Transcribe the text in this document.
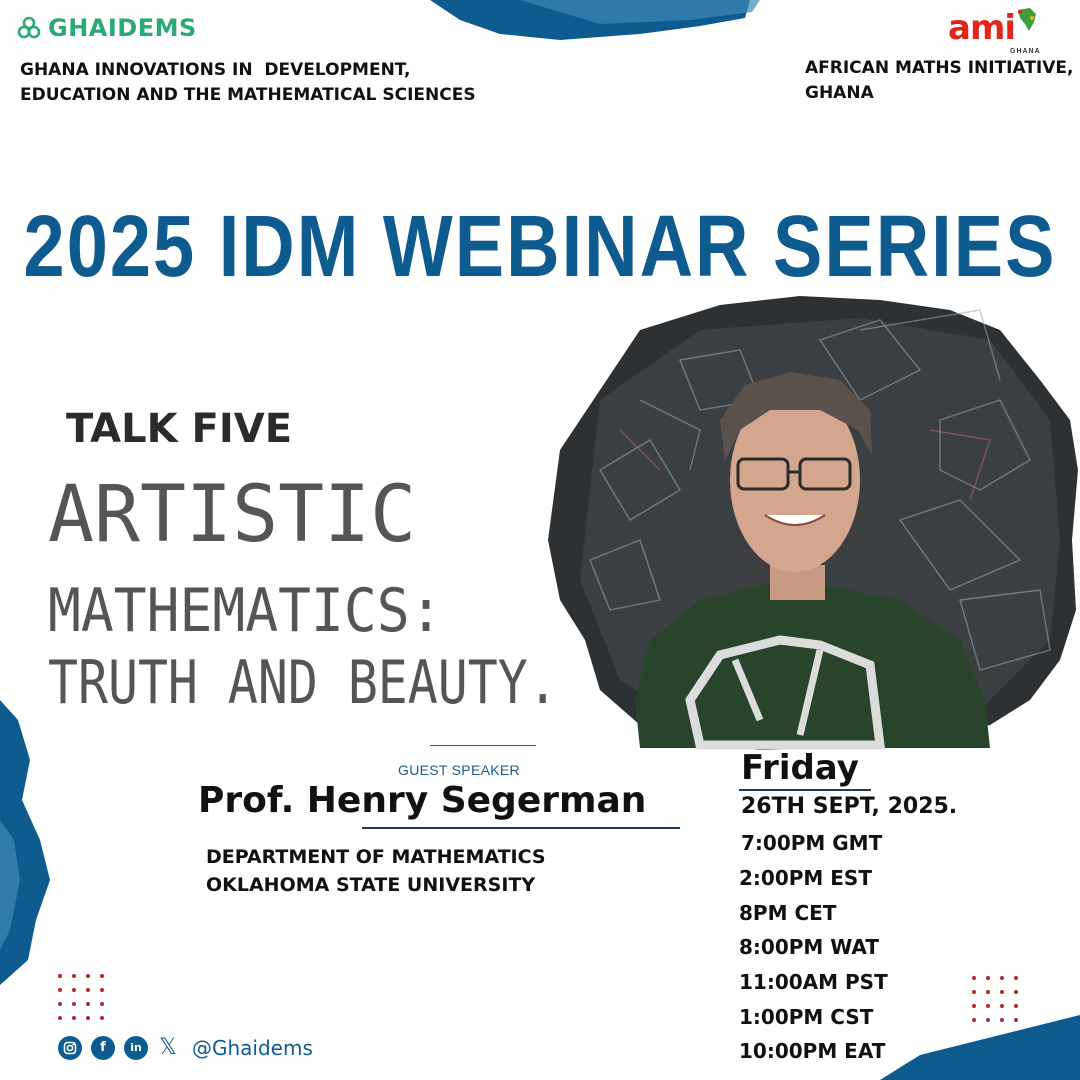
GHAIDEMS
GHANA INNOVATIONS IN  DEVELOPMENT,
EDUCATION AND THE MATHEMATICAL SCIENCES
ami
GHANA
AFRICAN MATHS INITIATIVE,
GHANA
2025 IDM WEBINAR SERIES
TALK FIVE
ARTISTIC
MATHEMATICS:
TRUTH AND BEAUTY.
GUEST SPEAKER
Prof. Henry Segerman
DEPARTMENT OF MATHEMATICS
OKLAHOMA STATE UNIVERSITY
Friday
26TH SEPT, 2025.
7:00PM GMT
2:00PM EST
8PM CET
8:00PM WAT
11:00AM PST
1:00PM CST
10:00PM EAT
f	in 𝕏 @Ghaidems
